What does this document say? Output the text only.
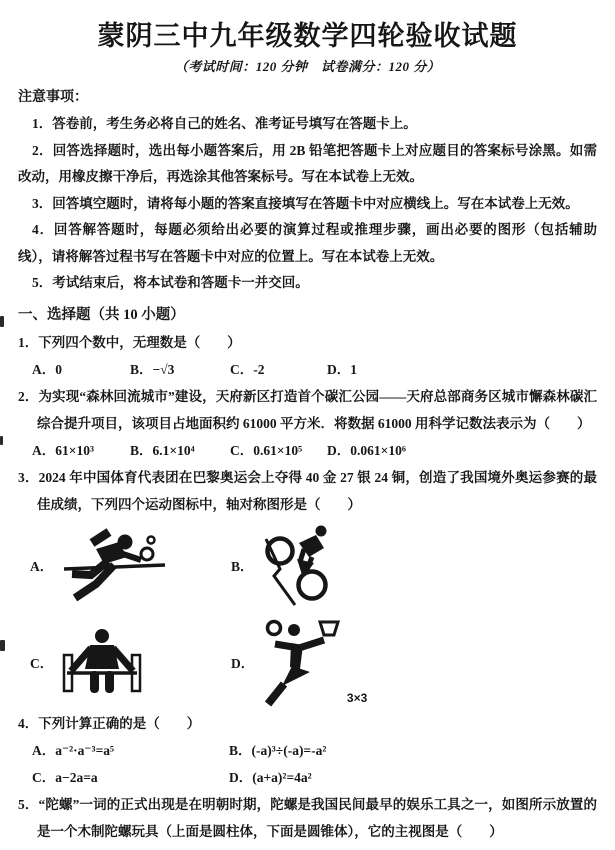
蒙阴三中九年级数学四轮验收试题

（考试时间：120 分钟　试卷满分：120 分）

注意事项：

1．答卷前，考生务必将自己的姓名、准考证号填写在答题卡上。

2．回答选择题时，选出每小题答案后，用 2B 铅笔把答题卡上对应题目的答案标号涂黑。如需改动，用橡皮擦干净后，再选涂其他答案标号。写在本试卷上无效。

3．回答填空题时，请将每小题的答案直接填写在答题卡中对应横线上。写在本试卷上无效。

4．回答解答题时，每题必须给出必要的演算过程或推理步骤，画出必要的图形（包括辅助线），请将解答过程书写在答题卡中对应的位置上。写在本试卷上无效。

5．考试结束后，将本试卷和答题卡一并交回。

一、选择题（共 10 小题）

1．下列四个数中，无理数是（　　）

A．0	B．−√3	C．-2	D．1

2．为实现“森林回流城市”建设，天府新区打造首个碳汇公园——天府总部商务区城市懈森林碳汇综合提升项目，该项目占地面积约 61000 平方米．将数据 61000 用科学记数法表示为（　　）

A．61×10³	B．6.1×10⁴	C．0.61×10⁵	D．0.061×10⁶

3．2024 年中国体育代表团在巴黎奥运会上夺得 40 金 27 银 24 铜，创造了我国境外奥运参赛的最佳成绩，下列四个运动图标中，轴对称图形是（　　）

A．	B．
C．	D．
3×3

4．下列计算正确的是（　　）

A．a⁻²·a⁻³=a⁵	B．(-a)³÷(-a)=-a²
C．a−2a=a	D．(a+a)²=4a²

5．“陀螺”一词的正式出现是在明朝时期，陀螺是我国民间最早的娱乐工具之一，如图所示放置的是一个木制陀螺玩具（上面是圆柱体，下面是圆锥体），它的主视图是（　　）
